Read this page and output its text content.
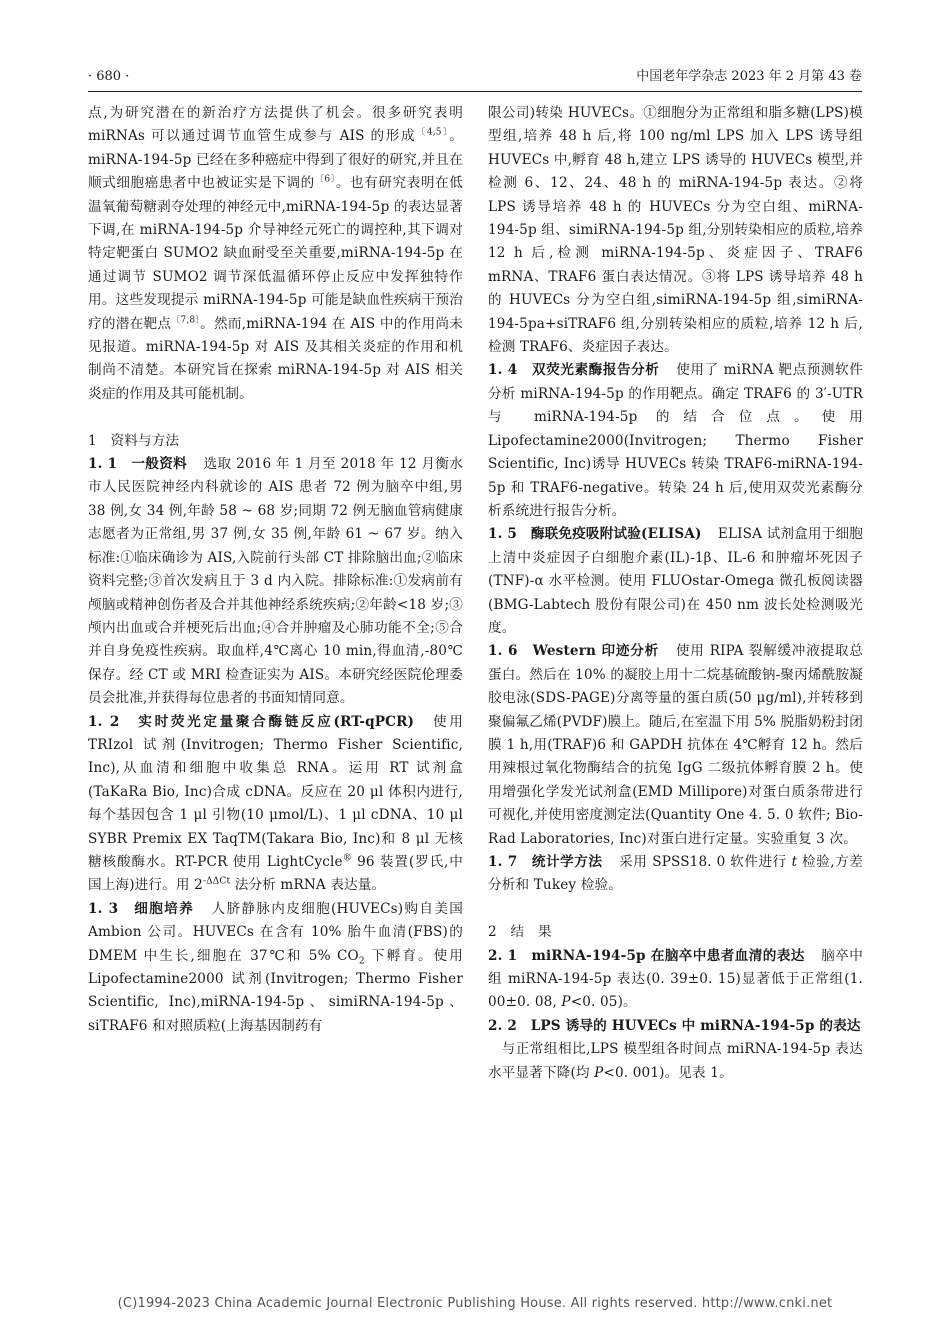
· 680 ·	中国老年学杂志 2023 年 2 月第 43 卷

点,为研究潜在的新治疗方法提供了机会。很多研究表明 miRNAs 可以通过调节血管生成参与 AIS 的形成$^{〔4,5〕}$。miRNA-194-5p 已经在多种癌症中得到了很好的研究,并且在顺式细胞癌患者中也被证实是下调的$^{〔6〕}$。也有研究表明在低温氧葡萄糖剥夺处理的神经元中,miRNA-194-5p 的表达显著下调,在 miRNA-194-5p 介导神经元死亡的调控种,其下调对特定靶蛋白 SUMO2 缺血耐受至关重要,miRNA-194-5p 在通过调节 SUMO2 调节深低温循环停止反应中发挥独特作用。这些发现提示 miRNA-194-5p 可能是缺血性疾病干预治疗的潜在靶点$^{〔7,8〕}$。然而,miRNA-194 在 AIS 中的作用尚未见报道。miRNA-194-5p 对 AIS 及其相关炎症的作用和机制尚不清楚。本研究旨在探索 miRNA-194-5p 对 AIS 相关炎症的作用及其可能机制。

1　资料与方法

1. 1　一般资料 选取 2016 年 1 月至 2018 年 12 月衡水市人民医院神经内科就诊的 AIS 患者 72 例为脑卒中组,男 38 例,女 34 例,年龄 58 ~ 68 岁;同期 72 例无脑血管病健康志愿者为正常组,男 37 例,女 35 例,年龄 61 ~ 67 岁。纳入标准:①临床确诊为 AIS,入院前行头部 CT 排除脑出血;②临床资料完整;③首次发病且于 3 d 内入院。排除标准:①发病前有颅脑或精神创伤者及合并其他神经系统疾病;②年龄<18 岁;③颅内出血或合并梗死后出血;④合并肿瘤及心肺功能不全;⑤合并自身免疫性疾病。取血样,4℃离心 10 min,得血清,-80℃保存。经 CT 或 MRI 检查证实为 AIS。本研究经医院伦理委员会批准,并获得每位患者的书面知情同意。

1. 2　实时荧光定量聚合酶链反应(RT-qPCR) 使用 TRIzol 试剂(Invitrogen; Thermo Fisher Scientific, Inc),从血清和细胞中收集总 RNA。运用 RT 试剂盒(TaKaRa Bio, Inc)合成 cDNA。反应在 20 μl 体积内进行,每个基因包含 1 μl 引物(10 μmol/L)、1 μl cDNA、10 μl SYBR Premix EX TaqTM(Takara Bio, Inc)和 8 μl 无核糖核酸酶水。RT-PCR 使用 LightCycle® 96 装置(罗氏,中国上海)进行。用 $2^{-\Delta\Delta Ct}$ 法分析 mRNA 表达量。

1. 3　细胞培养 人脐静脉内皮细胞(HUVECs)购自美国 Ambion 公司。HUVECs 在含有 10% 胎牛血清(FBS)的 DMEM 中生长,细胞在 37℃和 5% $CO_2$ 下孵育。使用 Lipofectamine2000 试剂(Invitrogen; Thermo Fisher Scientific, Inc),miRNA-194-5p、simiRNA-194-5p、siTRAF6 和对照质粒(上海基因制药有

限公司)转染 HUVECs。①细胞分为正常组和脂多糖(LPS)模型组,培养 48 h 后,将 100 ng/ml LPS 加入 LPS 诱导组 HUVECs 中,孵育 48 h,建立 LPS 诱导的 HUVECs 模型,并检测 6、12、24、48 h 的 miRNA-194-5p 表达。②将 LPS 诱导培养 48 h 的 HUVECs 分为空白组、miRNA-194-5p 组、simiRNA-194-5p 组,分别转染相应的质粒,培养 12 h 后,检测 miRNA-194-5p、炎症因子、TRAF6 mRNA、TRAF6 蛋白表达情况。③将 LPS 诱导培养 48 h 的 HUVECs 分为空白组,simiRNA-194-5p 组,simiRNA-194-5pa+siTRAF6 组,分别转染相应的质粒,培养 12 h 后,检测 TRAF6、炎症因子表达。

1. 4　双荧光素酶报告分析 使用了 miRNA 靶点预测软件分析 miRNA-194-5p 的作用靶点。确定 TRAF6 的 3′-UTR 与 miRNA-194-5p 的结合位点。使用 Lipofectamine2000(Invitrogen; Thermo Fisher Scientific, Inc)诱导 HUVECs 转染 TRAF6-miRNA-194-5p 和 TRAF6-negative。转染 24 h 后,使用双荧光素酶分析系统进行报告分析。

1. 5　酶联免疫吸附试验(ELISA) ELISA 试剂盒用于细胞上清中炎症因子白细胞介素(IL)-1β、IL-6 和肿瘤坏死因子(TNF)-α 水平检测。使用 FLUOstar-Omega 微孔板阅读器(BMG-Labtech 股份有限公司)在 450 nm 波长处检测吸光度。

1. 6　Western 印迹分析 使用 RIPA 裂解缓冲液提取总蛋白。然后在 10% 的凝胶上用十二烷基硫酸钠-聚丙烯酰胺凝胶电泳(SDS-PAGE)分离等量的蛋白质(50 μg/ml),并转移到聚偏氟乙烯(PVDF)膜上。随后,在室温下用 5% 脱脂奶粉封闭膜 1 h,用(TRAF)6 和 GAPDH 抗体在 4℃孵育 12 h。然后用辣根过氧化物酶结合的抗兔 IgG 二级抗体孵育膜 2 h。使用增强化学发光试剂盒(EMD Millipore)对蛋白质条带进行可视化,并使用密度测定法(Quantity One 4. 5. 0 软件; Bio-Rad Laboratories, Inc)对蛋白进行定量。实验重复 3 次。

1. 7　统计学方法 采用 SPSS18. 0 软件进行 t 检验,方差分析和 Tukey 检验。

2　结　果

2. 1　miRNA-194-5p 在脑卒中患者血清的表达 脑卒中组 miRNA-194-5p 表达(0. 39±0. 15)显著低于正常组(1. 00±0. 08, P<0. 05)。

2. 2　LPS 诱导的 HUVECs 中 miRNA-194-5p 的表达
与正常组相比,LPS 模型组各时间点 miRNA-194-5p 表达水平显著下降(均 P<0. 001)。见表 1。

(C)1994-2023 China Academic Journal Electronic Publishing House. All rights reserved. http://www.cnki.net
